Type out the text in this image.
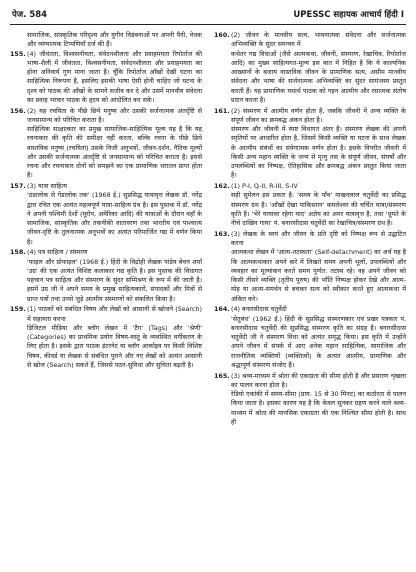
पेज. 584	UPESSC सहायक आचार्य हिंदी I
सामाजिक, सांस्कृतिक परिदृश्य और युगीन विडंबनाओं पर अपनी पैनी, वेधक और व्यंग्यात्मक टिप्पणियाँ दर्ज की हैं।
155. (4) जीवंतता, विश्वसनीयता, संवेदनशीलता और प्रवाहमयता रिपोर्ताज की भाषा-शैली में जीवंतता, विश्वसनीयता, संवेदनशीलता और प्रवाहमयता का होना अनिवार्य गुण माना जाता है। चूँकि रिपोर्ताज आँखों देखी घटना का साहित्यिक निरूपण है, इसलिए इसकी भाषा ऐसी होनी चाहिए जो घटना के दृश्य को पाठक की आँखों के सामने सजीव कर दे और उसमें मानवीय संवेदना का प्रवाह भरकर पाठक के हृदय को आंदोलित कर सके।
156. (2) यह रचयिता के पीछे छिपे मनुष्य और उसकी सर्जनात्मक अंतर्दृष्टि से जनसामान्य को परिचित कराता है।
साहित्यिक साक्षात्कार का प्रमुख सामाजिक-साहित्यिक मूल्य यह है कि यह रचनाकार की कृति की समीक्षा नहीं करता, बल्कि रचना के पीछे छिपे वास्तविक मनुष्य (रचयिता) उसके निजी अनुभवों, जीवन-दर्शन, नैतिक मूल्यों और उसकी सर्जनात्मक अंतर्दृष्टि से जनसामान्य को परिचित कराता है। इससे रचना और रचनाकार दोनों को समझने का एक प्रामाणिक धरातल प्राप्त होता है।
157. (3) यात्रा साहित्य
'ठंडालोक से गेंडालोक तक' (1968 ई.) सुप्रसिद्ध यात्रावृत्त लेखक डॉ. नगेंद्र द्वारा रचित एक अत्यंत महत्वपूर्ण यात्रा-साहित्य ग्रंथ है। इस पुस्तक में डॉ. नगेंद्र ने अपनी पश्चिमी देशों (यूरोप, अमेरिका आदि) की यात्राओं के दौरान वहाँ के सामाजिक, सांस्कृतिक और तकनीकी वातावरण तथा भारतीय एवं पाश्चात्य जीवन-दृष्टि के तुलनात्मक अनुभवों का अत्यंत परिमार्जित गद्य में वर्णन किया है।
158. (4) पत्र साहित्य / संस्मरण
'फाइल और प्रोफाइल' (1968 ई.) हिंदी के विद्रोही लेखक पांडेय बेचन शर्मा 'उग्र' की एक अत्यंत विशिष्ट कलाकार गद्य कृति है। इस पुस्तक की विधागत पहचान पत्र साहित्य और संस्मरण के सुंदर सम्मिश्रण के रूप में की जाती है। इसमें उग्र जी ने अपने समय के प्रमुख साहित्यकारों, संपादकों और मित्रों से प्राप्त पत्रों तथा उनसे जुड़े आत्मीय संस्मरणों को संकलित किया है।
159. (1) पाठकों को संबंधित विषय और लेखों को आसानी से खोजने (Search) में सहायता करना
डिजिटल मीडिया और ब्लॉग लेखन में 'टैग' (Tags) और 'श्रेणी' (Categories) का प्राथमिक प्रयोग विषय-वस्तु के व्यवस्थित वर्गीकरण के लिए होता है। इसके द्वारा पाठक इंटरनेट या ब्लॉग आर्काइव पर किसी विशिष्ट विषय, कीवर्ड या लेखक से संबंधित पुराने और नए लेखों को अत्यंत आसानी से खोज (Search) सकते हैं, जिससे पठन-सुविधा और सुचिता बढ़ती है।
160. (2) जीवन के मानवीय सत्य, भावनात्मक संवेदना और सर्जनात्मक अभिव्यक्ति के सुंदर समन्वय में
कथेतर गद्य विधाओं (जैसे आत्मकथा, जीवनी, संस्मरण, रेखाचित्र, रिपोर्ताज आदि) का मुख्य साहित्यगत-मूल्य इस बात में निहित है कि ये काल्पनिक आख्यानों के बजाय वास्तविक जीवन के प्रामाणिक सत्य, असीम मानवीय संवेदना और भाषा की सर्जनात्मक अभिव्यक्ति का सुंदर सामंजस्य प्रस्तुत करती हैं। यह प्रामाणिक यथार्थ पाठक को गहन आत्मीय और रसात्मक संतोष प्रदान करता है।
161. (2) संस्मरण में आत्मीय वर्णन होता है, जबकि जीवनी में अन्य व्यक्ति के संपूर्ण जीवन का क्रमबद्ध अंकन होता है।
संस्मरण और जीवनी में स्पष्ट विधागत अंतर है। संस्मरण लेखक की अपनी स्मृतियों पर आधारित होता है, जिसमें किसी व्यक्ति या घटना के साथ लेखक के आत्मीय संबंधों का संवेगात्मक वर्णन होता है। इसके विपरीत जीवनी में किसी अन्य महान व्यक्ति के जन्म से मृत्यु तक के संपूर्ण जीवन, संघर्षों और उपलब्धियों का निष्पक्ष, ऐतिहासिक और क्रमबद्ध अंकन प्रस्तुत किया जाता है।
162. (1) P-I, Q-II, R-III, S-IV
सही सुमेलन इस प्रकार है: 'समय के पाँव' माखनलाल चतुर्वेदी का प्रसिद्ध संस्मरण ग्रंथ है। 'आँखों देखा पाकिस्तान' कमलेश्वर की चर्चित यात्रा/संस्मरण कृति है। 'भेरे यायावर रहेगा याद' अज्ञेय का अमर यात्रावृत्त है, तथा 'धूमते के नीचे दाखिन गाया' पं. बनारसीदास चतुर्वेदी का रेखाचित्र/संस्मरण ग्रंथ है।
163. (3) लेखक के स्वयं और जीवन के प्रति दृष्टि को निष्पक्ष रूप से उद्घाटित करना
आत्मकथा लेखन में 'आत्म-तटस्थता' (Self-detachment) का अर्थ यह है कि आत्मकथाकार अपने बारे में लिखते समय अपनी भूलों, उपलब्धियों और व्यवहार का मूल्यांकन करते समय पूर्णत: तटस्थ रहे। वह अपने जीवन को किसी तीसरे व्यक्ति (तृतीय पुरुष) की भाँति निष्पक्ष होकर देखे और आत्म-मोह या आत्म-समर्थन से बचकर सत्य को स्वीकार करते हुए आत्मकथा में अंकित करे।
164. (4) बनारसीदास चतुर्वेदी
'सेतुबंध' (1962 ई.) हिंदी के सुप्रसिद्ध संस्मरणकार एवं प्रखर पत्रकार पं. बनारसीदास चतुर्वेदी की सुप्रसिद्ध संस्मरण कृति का संग्रह है। बनारसीदास चतुर्वेदी जी ने संस्मरण विधा को अत्यंत समृद्ध किया। इस कृति में उन्होंने अपने जीवन में संपर्क में आए अनेक महान साहित्यिक, सामाजिक और राजनीतिक व्यक्तियों (व्यक्तित्वों) के अत्यंत आत्मीय, प्रामाणिक और श्रद्धापूर्ण संस्मरण संजोए हैं।
165. (3) श्रव्य-माध्यम में श्रोता की एकाग्रता की सीमा होती है और प्रसारण शृंखला का पालन करना होता है।
रेडियो एकांकी में समय-सीमा (प्राय: 15 से 30 मिनट) का कठोरता से पालन किया जाता है। इसका कारण यह है कि केवल सुनकर ग्रहण करने वाले श्रव्य-माध्यम में श्रोता की मानसिक एकाग्रता की एक निश्चित सीमा होती है। साथ ही
